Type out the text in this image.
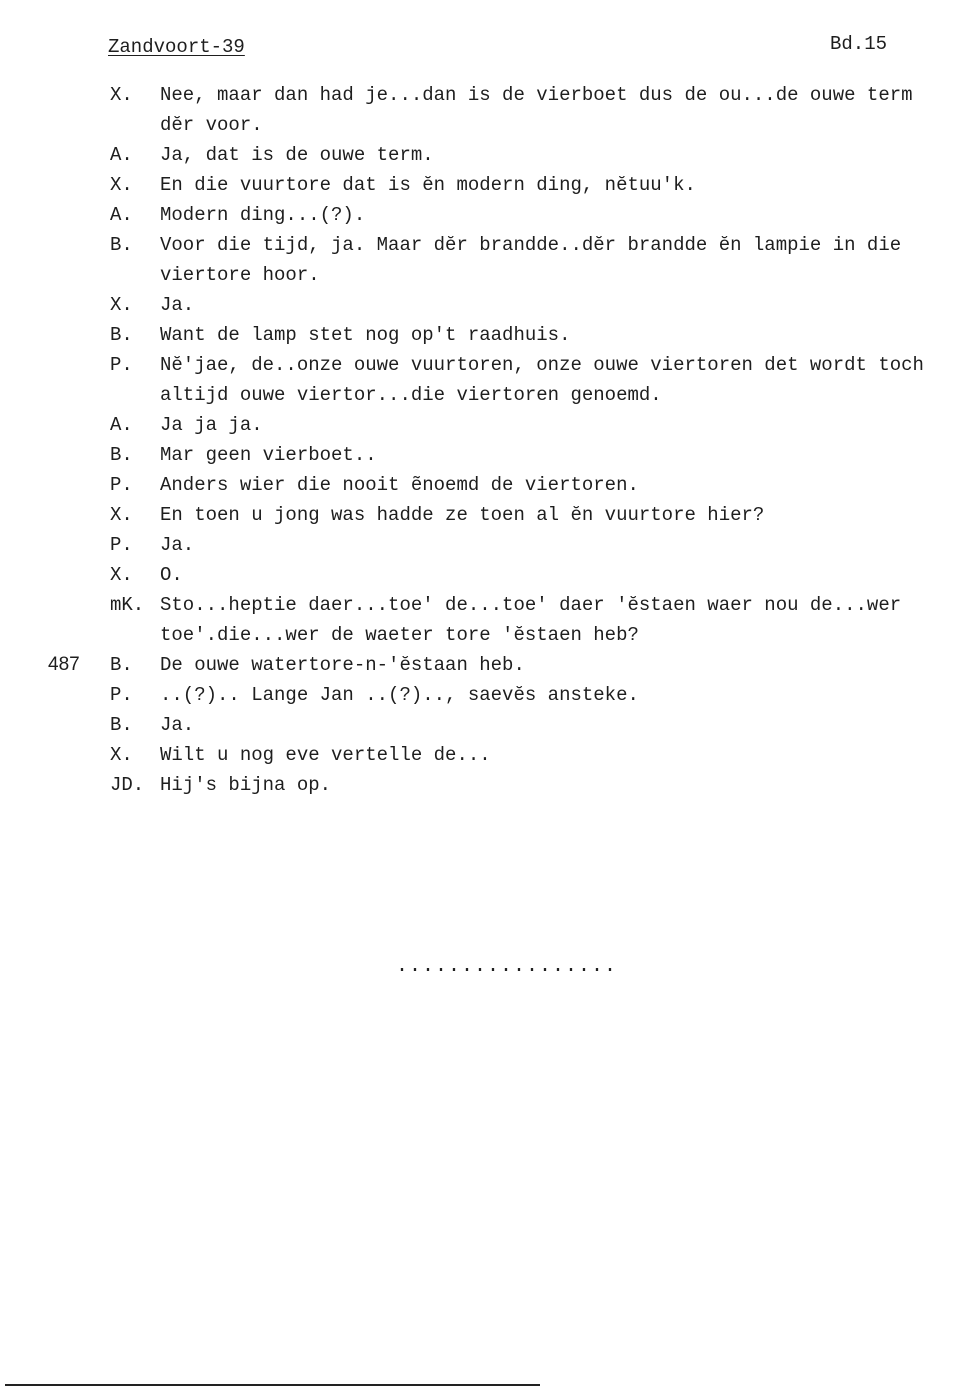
Zandvoort-39	Bd.15
X. Nee, maar dan had je...dan is de vierboet dus de ou...de ouwe term
dĕr voor.
A. Ja, dat is de ouwe term.
X. En die vuurtore dat is ĕn modern ding, nĕtuu'k.
A. Modern ding...(?).
B. Voor die tijd, ja. Maar dĕr brandde..dĕr brandde ĕn lampie in die
viertore hoor.
X. Ja.
B. Want de lamp stet nog op't raadhuis.
P. Nĕ'jae, de..onze ouwe vuurtoren, onze ouwe viertoren det wordt toch
altijd ouwe viertor...die viertoren genoemd.
A. Ja ja ja.
B. Mar geen vierboet..
P. Anders wier die nooit ẽnoemd de viertoren.
X. En toen u jong was hadde ze toen al ĕn vuurtore hier?
P. Ja.
X. O.
mK. Sto...heptie daer...toe' de...toe' daer 'ĕstaen waer nou de...wer
toe'.die...wer de waeter tore 'ĕstaen heb?
487 B. De ouwe watertore-n-'ĕstaan heb.
P. ..(?).. Lange Jan ..(?).., saevĕs ansteke.
B. Ja.
X. Wilt u nog eve vertelle de...
JD. Hij's bijna op.
.................
